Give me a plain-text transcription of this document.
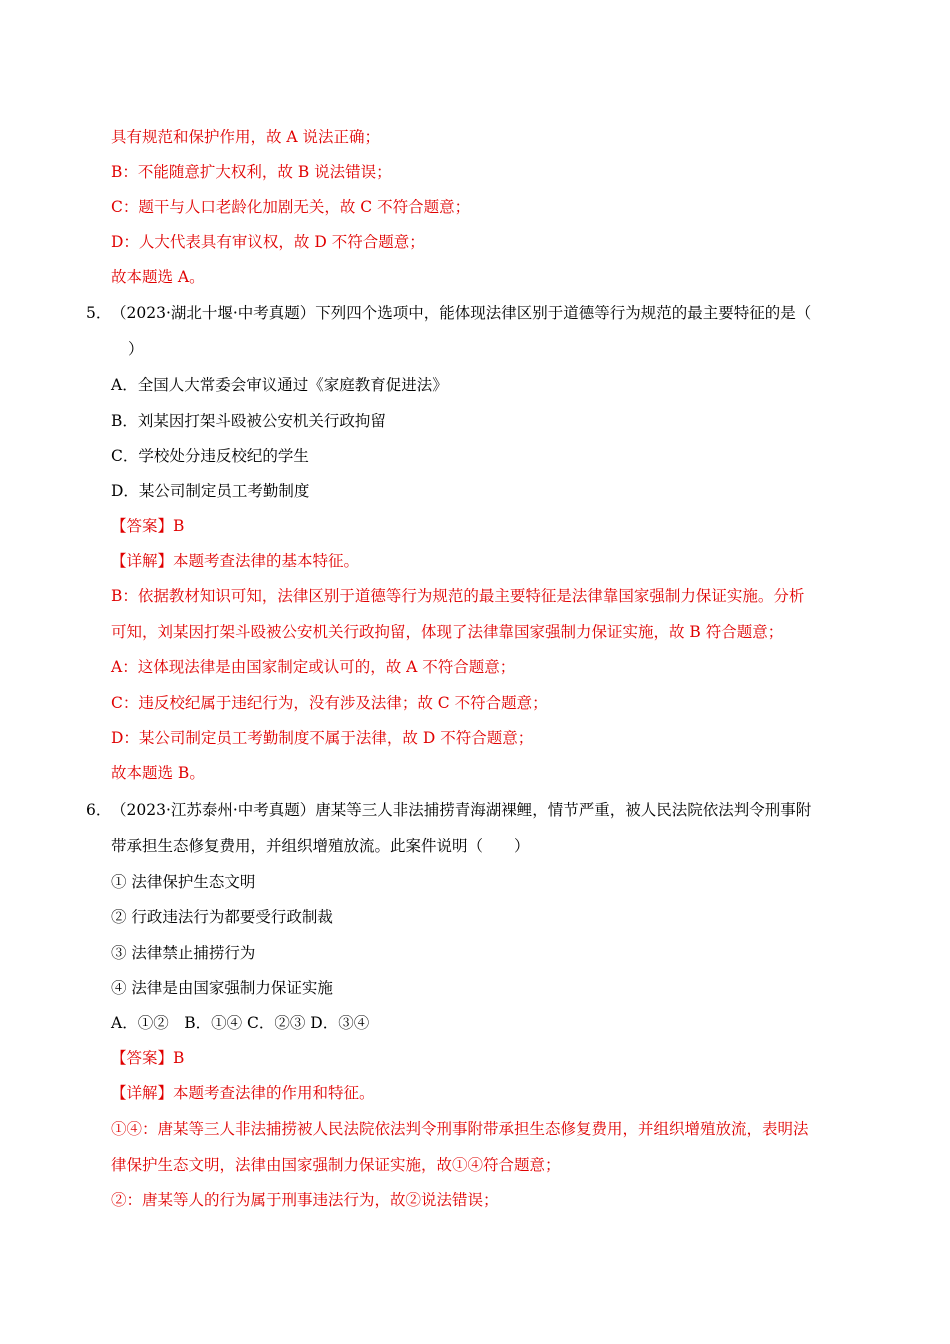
具有规范和保护作用，故 A 说法正确；
B：不能随意扩大权利，故 B 说法错误；
C：题干与人口老龄化加剧无关，故 C 不符合题意；
D：人大代表具有审议权，故 D 不符合题意；
故本题选 A。
5． （2023·湖北十堰·中考真题）下列四个选项中，能体现法律区别于道德等行为规范的最主要特征的是（
）
A．全国人大常委会审议通过《家庭教育促进法》
B．刘某因打架斗殴被公安机关行政拘留
C．学校处分违反校纪的学生
D．某公司制定员工考勤制度
【答案】B
【详解】本题考查法律的基本特征。
B：依据教材知识可知，法律区别于道德等行为规范的最主要特征是法律靠国家强制力保证实施。分析
可知，刘某因打架斗殴被公安机关行政拘留，体现了法律靠国家强制力保证实施，故 B 符合题意；
A：这体现法律是由国家制定或认可的，故 A 不符合题意；
C：违反校纪属于违纪行为，没有涉及法律；故 C 不符合题意；
D：某公司制定员工考勤制度不属于法律，故 D 不符合题意；
故本题选 B。
6． （2023·江苏泰州·中考真题）唐某等三人非法捕捞青海湖裸鲤，情节严重，被人民法院依法判令刑事附
带承担生态修复费用，并组织增殖放流。此案件说明（　　）
① 法律保护生态文明
② 行政违法行为都要受行政制裁
③ 法律禁止捕捞行为
④ 法律是由国家强制力保证实施
A．①②　B．①④ C．②③ D．③④
【答案】B
【详解】本题考查法律的作用和特征。
①④：唐某等三人非法捕捞被人民法院依法判令刑事附带承担生态修复费用，并组织增殖放流，表明法
律保护生态文明，法律由国家强制力保证实施，故①④符合题意；
②：唐某等人的行为属于刑事违法行为，故②说法错误；
